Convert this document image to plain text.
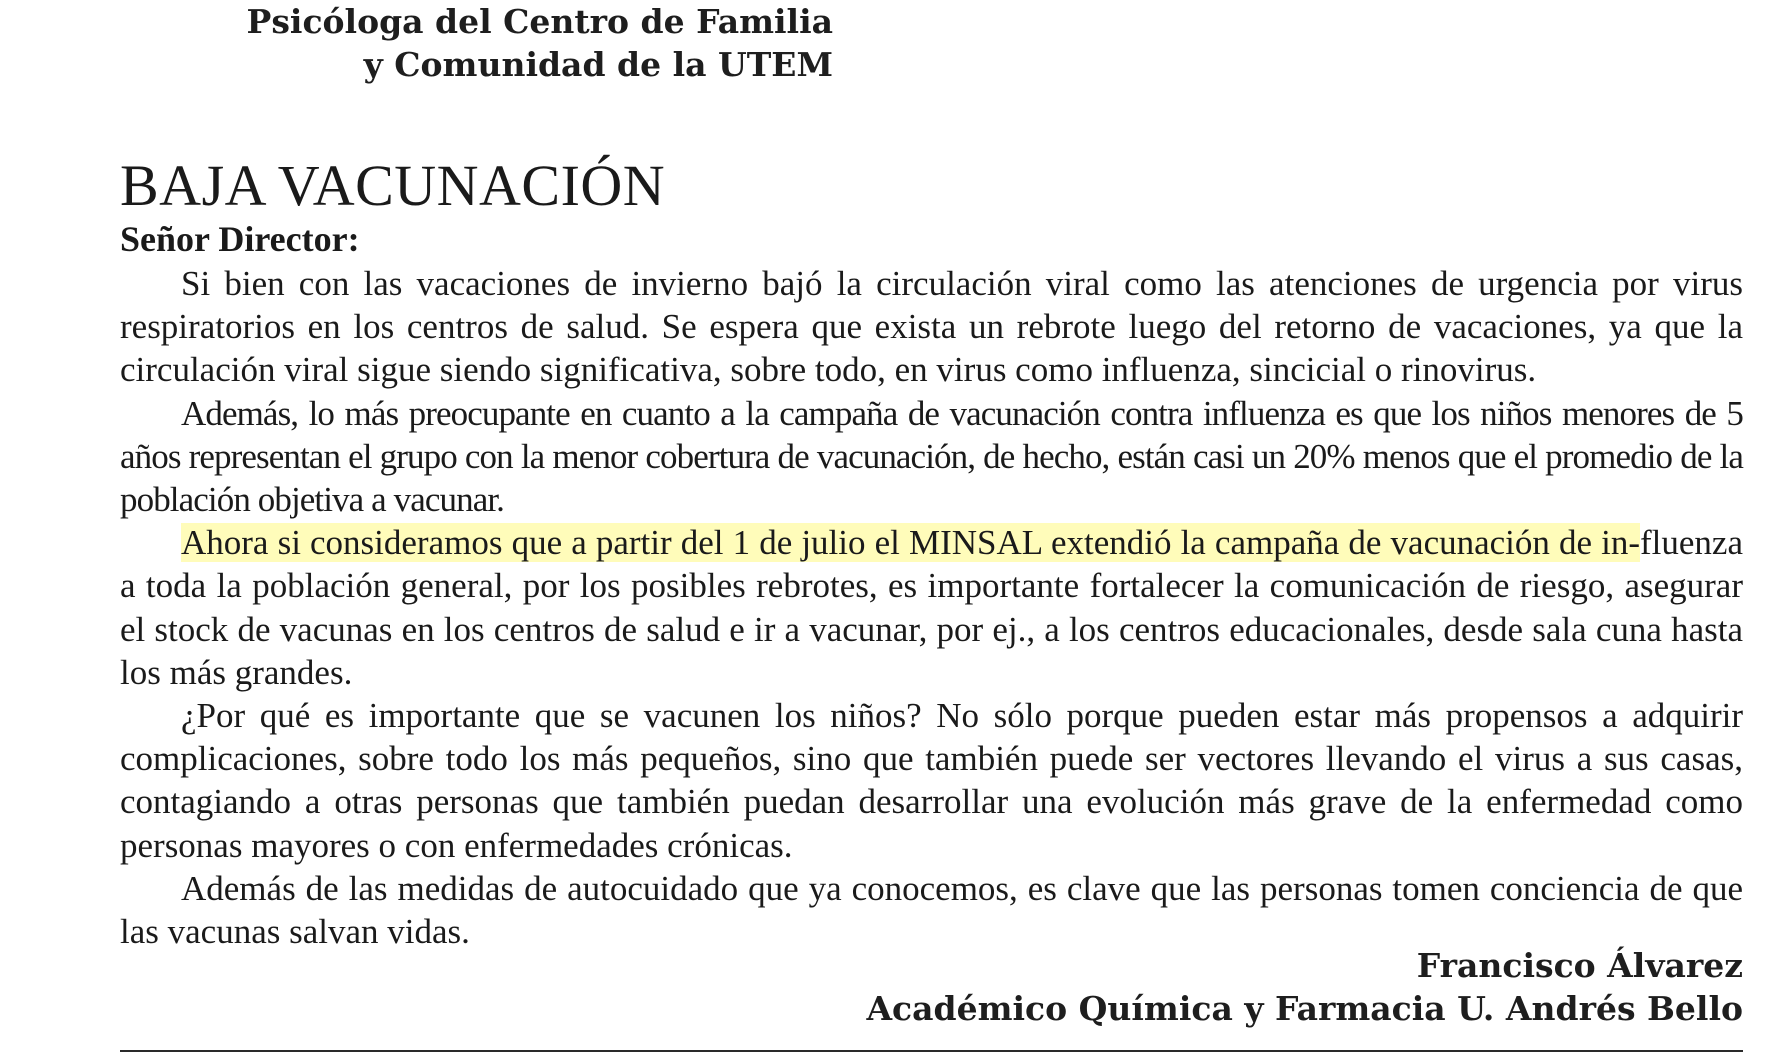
Psicóloga del Centro de Familia
y Comunidad de la UTEM
BAJA VACUNACIÓN
Señor Director:

Si bien con las vacaciones de invierno bajó la circulación viral como las atenciones de urgencia por virus respiratorios en los centros de salud. Se espera que exista un rebrote luego del retorno de vacaciones, ya que la circulación viral sigue siendo significativa, sobre todo, en virus como influenza, sincicial o rinovirus.

Además, lo más preocupante en cuanto a la campaña de vacunación contra influenza es que los niños menores de 5 años representan el grupo con la menor cobertura de vacunación, de hecho, están casi un 20% menos que el promedio de la población objetiva a vacunar.

Ahora si consideramos que a partir del 1 de julio el MINSAL extendió la campaña de vacunación de in-fluenza a toda la población general, por los posibles rebrotes, es importante fortalecer la comunicación de riesgo, asegurar el stock de vacunas en los centros de salud e ir a vacunar, por ej., a los centros educacionales, desde sala cuna hasta los más grandes.

¿Por qué es importante que se vacunen los niños? No sólo porque pueden estar más propensos a adquirir complicaciones, sobre todo los más pequeños, sino que también puede ser vectores llevando el virus a sus casas, contagiando a otras personas que también puedan desarrollar una evolución más grave de la enfermedad como personas mayores o con enfermedades crónicas.

Además de las medidas de autocuidado que ya conocemos, es clave que las personas tomen conciencia de que las vacunas salvan vidas.

Francisco Álvarez
Académico Química y Farmacia U. Andrés Bello
